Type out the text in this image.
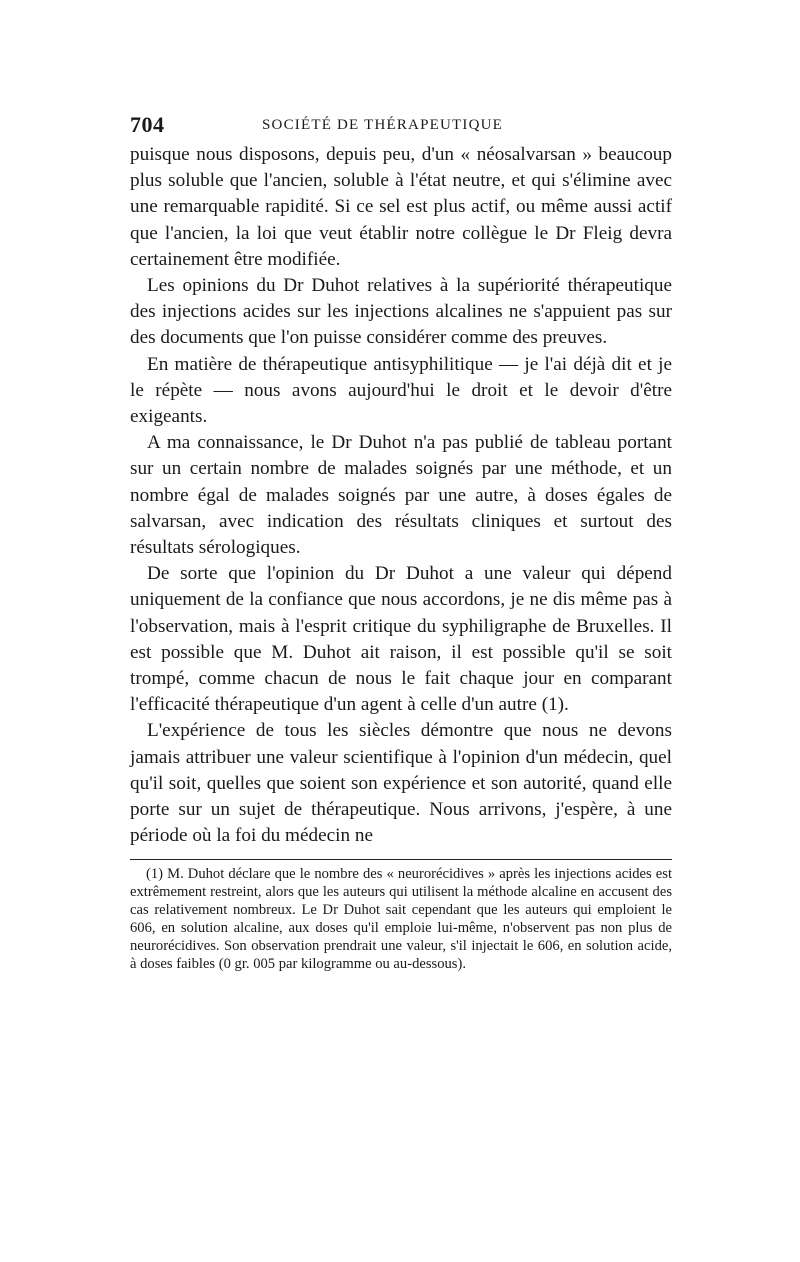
704	SOCIÉTÉ DE THÉRAPEUTIQUE

puisque nous disposons, depuis peu, d'un « néosalvarsan » beaucoup plus soluble que l'ancien, soluble à l'état neutre, et qui s'élimine avec une remarquable rapidité. Si ce sel est plus actif, ou même aussi actif que l'ancien, la loi que veut établir notre collègue le Dr Fleig devra certainement être modifiée.

Les opinions du Dr Duhot relatives à la supériorité thérapeutique des injections acides sur les injections alcalines ne s'appuient pas sur des documents que l'on puisse considérer comme des preuves.

En matière de thérapeutique antisyphilitique — je l'ai déjà dit et je le répète — nous avons aujourd'hui le droit et le devoir d'être exigeants.

A ma connaissance, le Dr Duhot n'a pas publié de tableau portant sur un certain nombre de malades soignés par une méthode, et un nombre égal de malades soignés par une autre, à doses égales de salvarsan, avec indication des résultats cliniques et surtout des résultats sérologiques.

De sorte que l'opinion du Dr Duhot a une valeur qui dépend uniquement de la confiance que nous accordons, je ne dis même pas à l'observation, mais à l'esprit critique du syphiligraphe de Bruxelles. Il est possible que M. Duhot ait raison, il est possible qu'il se soit trompé, comme chacun de nous le fait chaque jour en comparant l'efficacité thérapeutique d'un agent à celle d'un autre (1).

L'expérience de tous les siècles démontre que nous ne devons jamais attribuer une valeur scientifique à l'opinion d'un médecin, quel qu'il soit, quelles que soient son expérience et son autorité, quand elle porte sur un sujet de thérapeutique. Nous arrivons, j'espère, à une période où la foi du médecin ne

(1) M. Duhot déclare que le nombre des « neurorécidives » après les injections acides est extrêmement restreint, alors que les auteurs qui utilisent la méthode alcaline en accusent des cas relativement nombreux. Le Dr Duhot sait cependant que les auteurs qui emploient le 606, en solution alcaline, aux doses qu'il emploie lui-même, n'observent pas non plus de neurorécidives. Son observation prendrait une valeur, s'il injectait le 606, en solution acide, à doses faibles (0 gr. 005 par kilogramme ou au-dessous).
